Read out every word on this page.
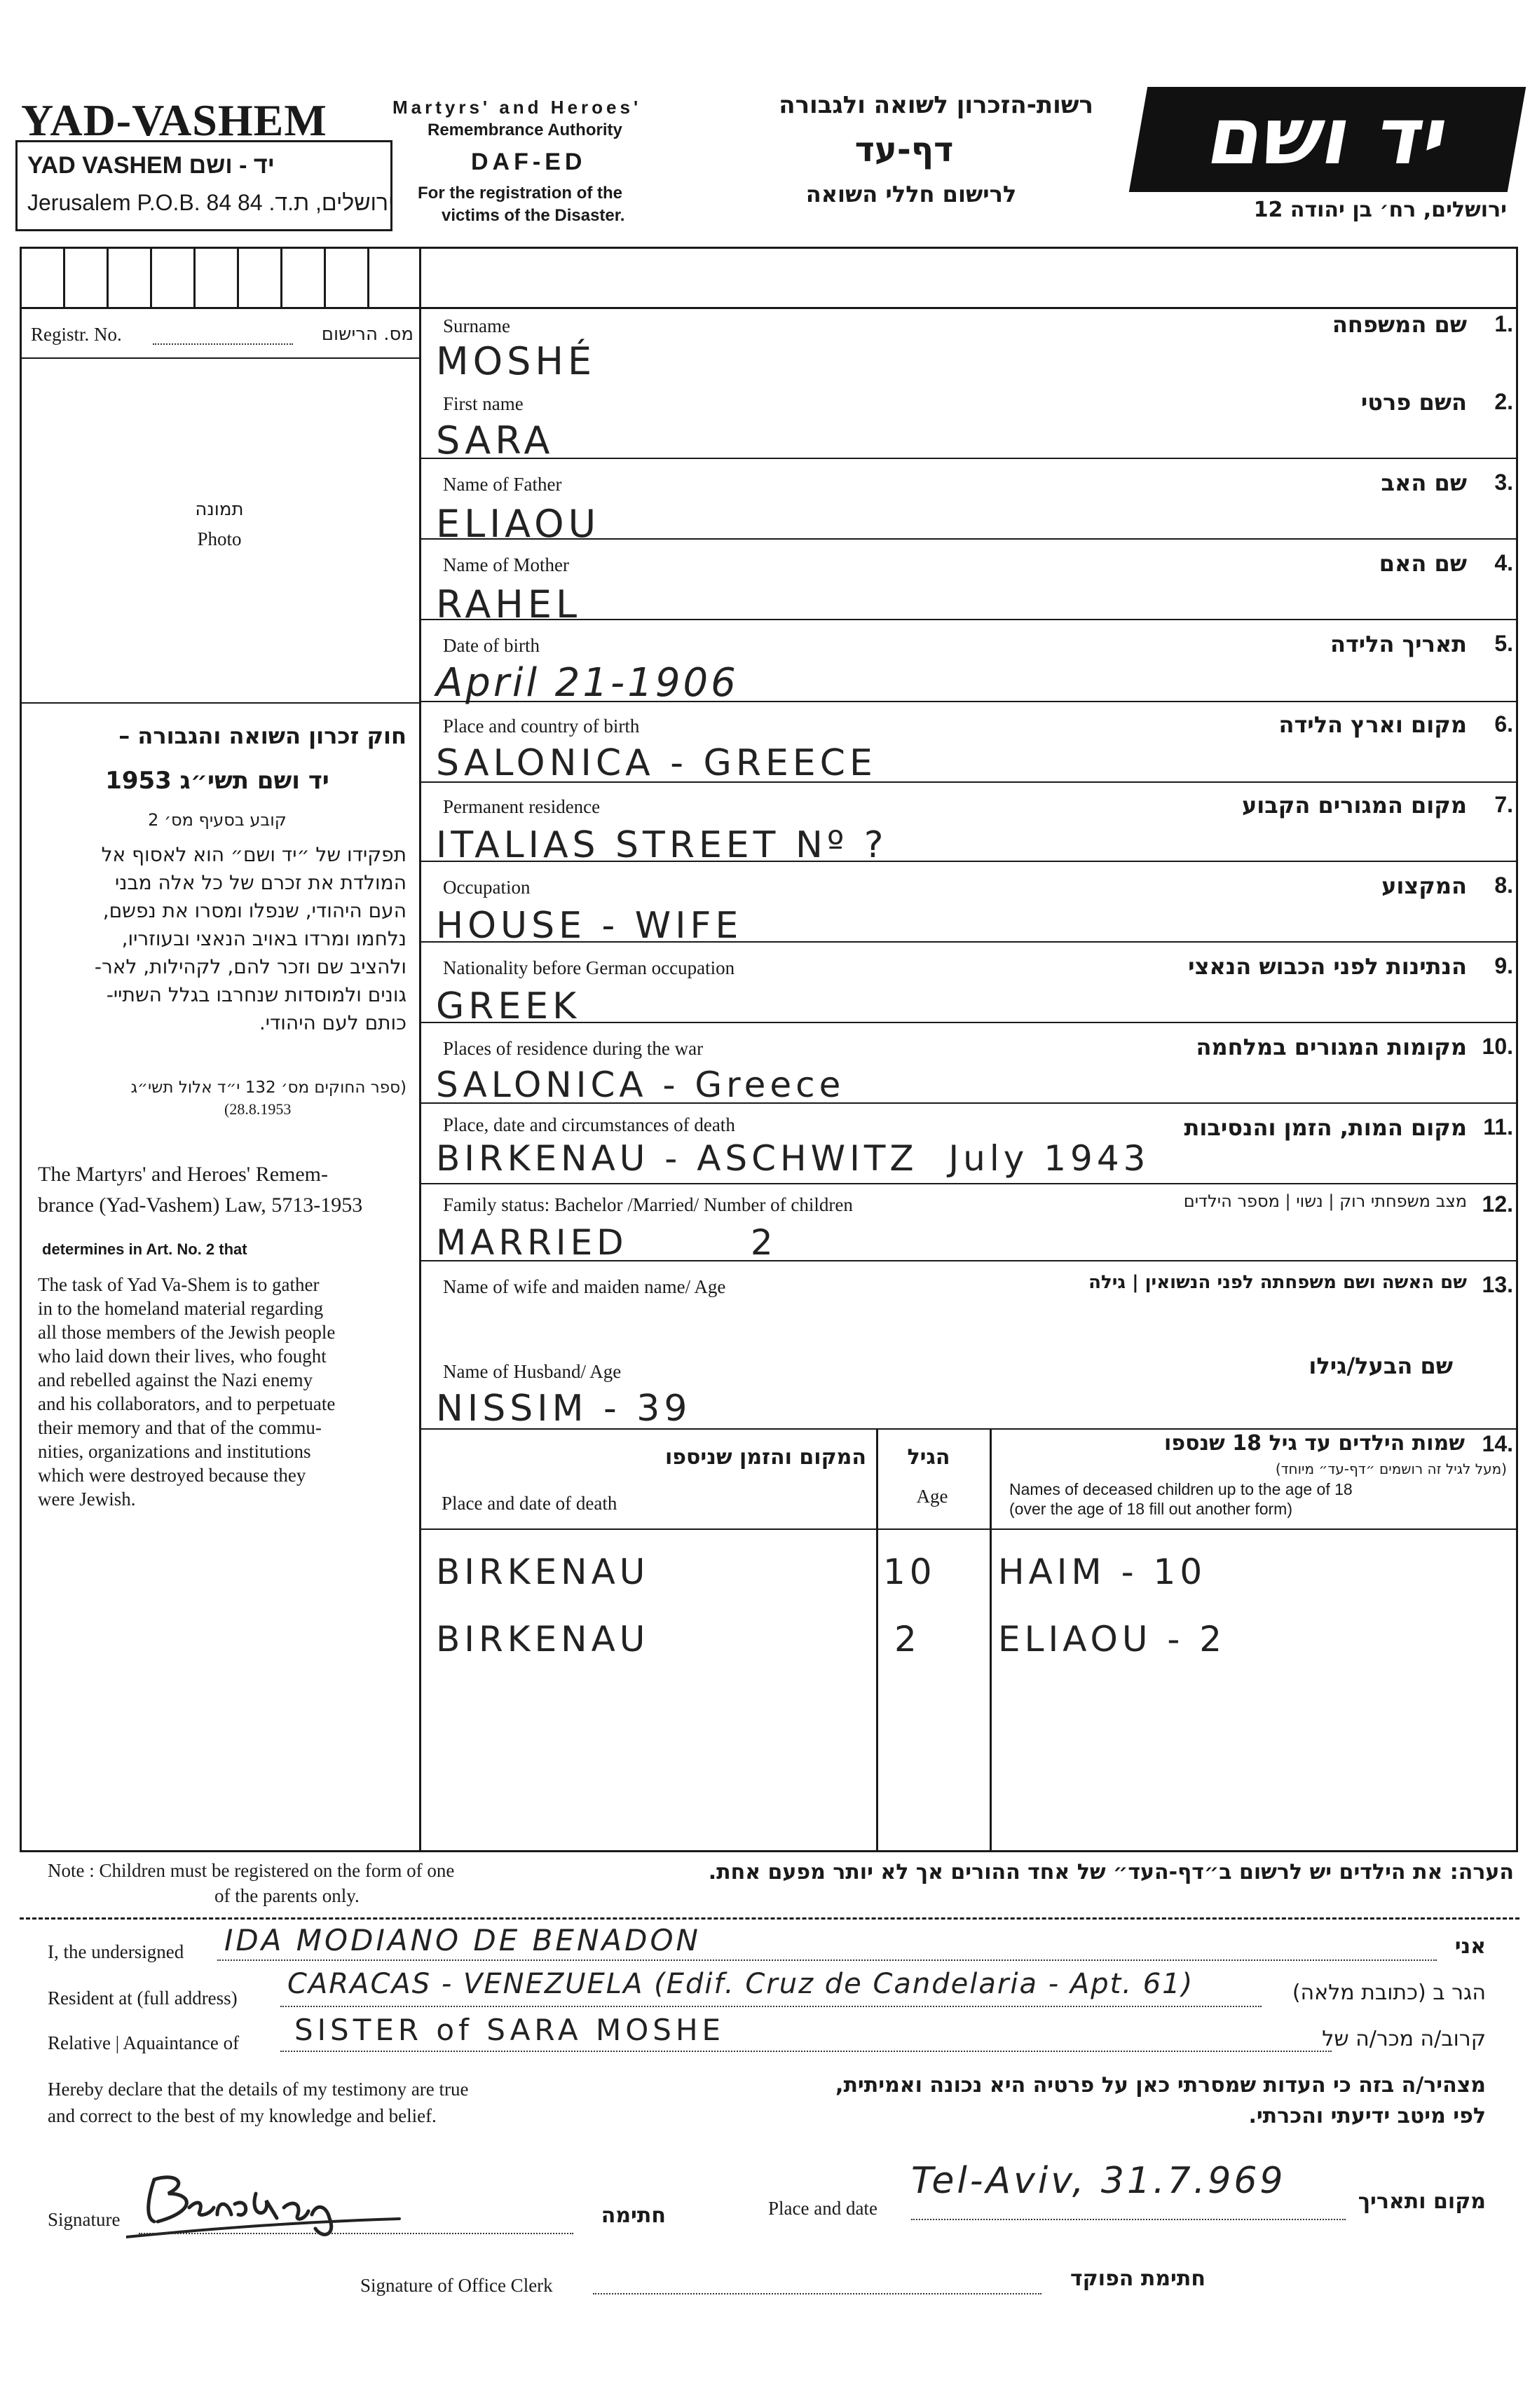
YAD-VASHEM
YAD VASHEM יד - ושם
Jerusalem P.O.B. 84 ירושלים, ת.ד. 84
Martyrs' and Heroes'
Remembrance Authority
DAF-ED
For the registration of the
victims of the Disaster.
רשות-הזכרון לשואה ולגבורה
דף-עד
לרישום חללי השואה
יד ושם
ירושלים, רח׳ בן יהודה 12
Registr. No.	מס. הרישום
תמונה
Photo
חוק זכרון השואה והגבורה –
יד ושם תשי״ג 1953
קובע בסעיף מס׳ 2
תפקידו של ״יד ושם״ הוא לאסוף אל
המולדת את זכרם של כל אלה מבני
העם היהודי, שנפלו ומסרו את נפשם,
נלחמו ומרדו באויב הנאצי ובעוזריו,
ולהציב שם וזכר להם, לקהילות, לאר-
גונים ולמוסדות שנחרבו בגלל השתיי-
כותם לעם היהודי.
(ספר החוקים מס׳ 132 י״ד אלול תשי״ג
(28.8.1953
The Martyrs' and Heroes' Remem-
brance (Yad-Vashem) Law, 5713-1953
determines in Art. No. 2 that
The task of Yad Va-Shem is to gather
in to the homeland material regarding
all those members of the Jewish people
who laid down their lives, who fought
and rebelled against the Nazi enemy
and his collaborators, and to perpetuate
their memory and that of the commu-
nities, organizations and institutions
which were destroyed because they
were Jewish.
Surname	שם המשפחה 1.
MOSHÉ
First name	השם פרטי 2.
SARA
Name of Father	שם האב 3.
ELIAOU
Name of Mother	שם האם 4.
RAHEL
Date of birth	תאריך הלידה 5.
April 21-1906
Place and country of birth	מקום וארץ הלידה 6.
SALONICA - GREECE
Permanent residence	מקום המגורים הקבוע 7.
ITALIAS STREET Nº ?
Occupation	המקצוע 8.
HOUSE - WIFE
Nationality before German occupation	הנתינות לפני הכבוש הנאצי 9.
GREEK
Places of residence during the war	מקומות המגורים במלחמה 10.
SALONICA - Greece
Place, date and circumstances of death	מקום המות, הזמן והנסיבות 11.
BIRKENAU - ASCHWITZ  July 1943
Family status: Bachelor /Married/ Number of children	מצב משפחתי רוק | נשוי | מספר הילדים 12.
MARRIED        2
Name of wife and maiden name/ Age	שם האשה ושם משפחתה לפני הנשואין | גילה 13.
Name of Husband/ Age	שם הבעל/גילו
NISSIM - 39
14.
שמות הילדים עד גיל 18 שנספו
(מעל לגיל זה רושמים ״דף-עד״ מיוחד)
Names of deceased children up to the age of 18
(over the age of 18 fill out another form)
הגיל
Age
המקום והזמן שניספו
Place and date of death
BIRKENAU	10 HAIM - 10
BIRKENAU	2 ELIAOU - 2
Note : Children must be registered on the form of one
of the parents only.
הערה: את הילדים יש לרשום ב״דף-העד״ של אחד ההורים אך לא יותר מפעם אחת.
I, the undersigned IDA MODIANO DE BENADON	אני
Resident at (full address) CARACAS - VENEZUELA (Edif. Cruz de Candelaria - Apt. 61)	הגר ב (כתובת מלאה)
Relative | Aquaintance of SISTER of SARA MOSHE	קרוב/ה מכר/ה של
Hereby declare that the details of my testimony are true
and correct to the best of my knowledge and belief.
מצהיר/ה בזה כי העדות שמסרתי כאן על פרטיה היא נכונה ואמיתית,
לפי מיטב ידיעתי והכרתי.
Signature	חתימה	Place and date
Tel-Aviv, 31.7.969	מקום ותאריך
Signature of Office Clerk	חתימת הפוקד
